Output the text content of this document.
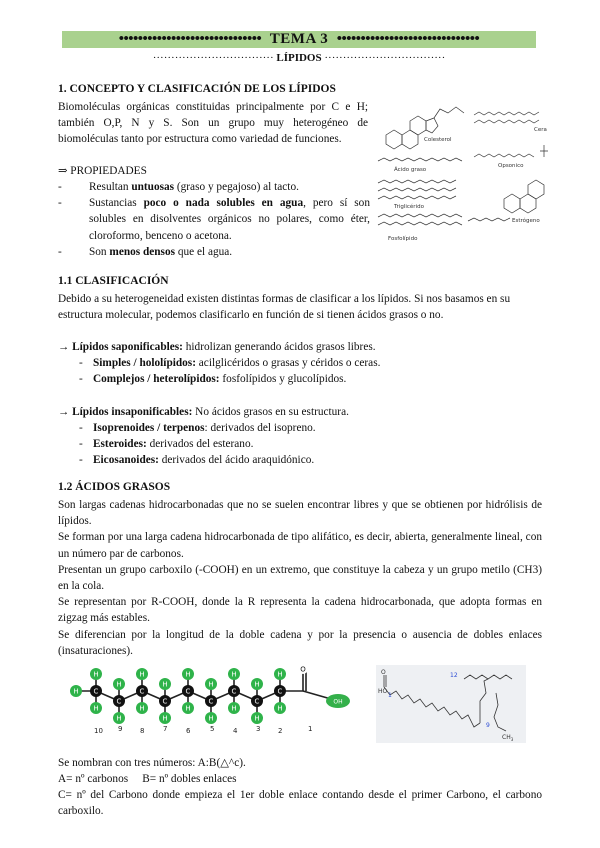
•••••••••••••••••••••••••••••• TEMA 3 ••••••••••••••••••••••••••••••
································· LÍPIDOS ·································
1. CONCEPTO Y CLASIFICACIÓN DE LOS LÍPIDOS
Biomoléculas orgánicas constituidas principalmente por C e H; también O,P, N y S. Son un grupo muy heterogéneo de biomoléculas tanto por estructura como variedad de funciones.
⇒ PROPIEDADES
- Resultan untuosas (graso y pegajoso) al tacto.
- Sustancias poco o nada solubles en agua, pero sí son solubles en disolventes orgánicos no polares, como éter, cloroformo, benceno o acetona.
- Son menos densos que el agua.
Colesterol
Cera
Ácido graso
Opsonico
Triglicérido
Estrógeno
Fosfolípido
1.1 CLASIFICACIÓN
Debido a su heterogeneidad existen distintas formas de clasificar a los lípidos. Si nos basamos en su estructura molecular, podemos clasificarlo en función de si tienen ácidos grasos o no.
→ Lípidos saponificables: hidrolizan generando ácidos grasos libres.
- Simples / hololípidos: acilglicéridos o grasas y céridos o ceras.
- Complejos / heterolípidos: fosfolípidos y glucolípidos.
→ Lípidos insaponificables: No ácidos grasos en su estructura.
- Isoprenoides / terpenos: derivados del isopreno.
- Esteroides: derivados del esterano.
- Eicosanoides: derivados del ácido araquidónico.
1.2 ÁCIDOS GRASOS
Son largas cadenas hidrocarbonadas que no se suelen encontrar libres y que se obtienen por hidrólisis de lípidos.
Se forman por una larga cadena hidrocarbonada de tipo alifático, es decir, abierta, generalmente lineal, con un número par de carbonos.
Presentan un grupo carboxilo (-COOH) en un extremo, que constituye la cabeza y un grupo metilo (CH3) en la cola.
Se representan por R-COOH, donde la R representa la cadena hidrocarbonada, que adopta formas en zigzag más estables.
Se diferencian por la longitud de la doble cadena y por la presencia o ausencia de dobles enlaces (insaturaciones).
H
H
H
C
H
H
C
H
H
C
H
H
C
H
H
C
H
H
C
H
H
C
H
H
C
H
H
C
O
OH
10 9	8	7	6	5	4	3	2	1
O
HO
12
9
1
$CH_3$
Se nombran con tres números: A:B(△^c).
A= nº carbonos     B= nº dobles enlaces
C= nº del Carbono donde empieza el 1er doble enlace contando desde el primer Carbono, el carbono carboxilo.
